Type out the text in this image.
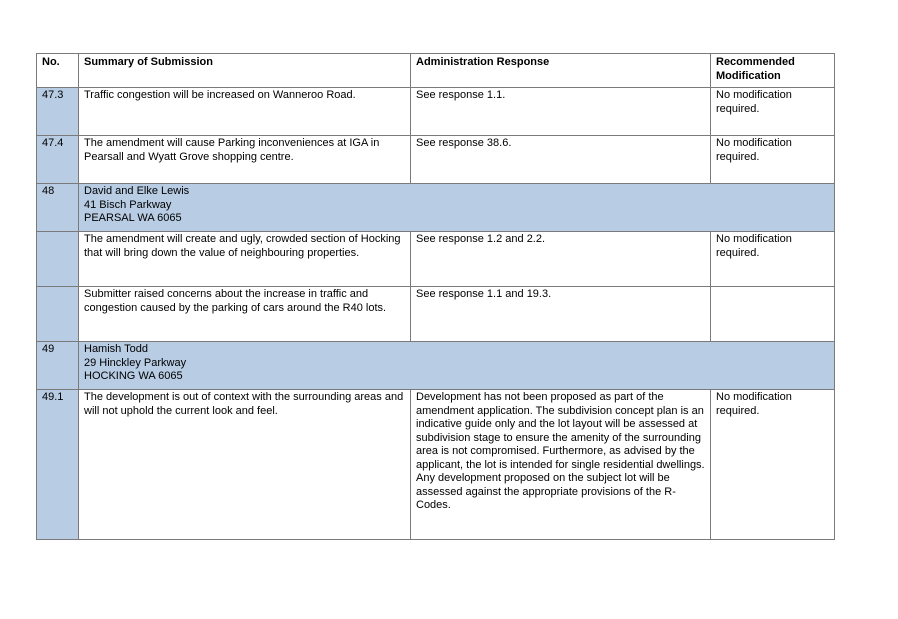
No.	Summary of Submission	Administration Response	Recommended Modification
47.3	Traffic congestion will be increased on Wanneroo Road.	See response 1.1.	No modification required.
47.4	The amendment will cause Parking inconveniences at IGA in Pearsall and Wyatt Grove shopping centre.	See response 38.6.	No modification required.
48	David and Elke Lewis
41 Bisch Parkway
PEARSAL WA 6065		

	The amendment will create and ugly, crowded section of Hocking that will bring down the value of neighbouring properties.	See response 1.2 and 2.2.	No modification required.
	Submitter raised concerns about the increase in traffic and congestion caused by the parking of cars around the R40 lots.	See response 1.1 and 19.3.	
49	Hamish Todd
29 Hinckley Parkway
HOCKING WA 6065		

49.1	The development is out of context with the surrounding areas and will not uphold the current look and feel.	Development has not been proposed as part of the amendment application. The subdivision concept plan is an indicative guide only and the lot layout will be assessed at subdivision stage to ensure the amenity of the surrounding area is not compromised. Furthermore, as advised by the applicant, the lot is intended for single residential dwellings. Any development proposed on the subject lot will be assessed against the appropriate provisions of the R-Codes.	No modification required.
